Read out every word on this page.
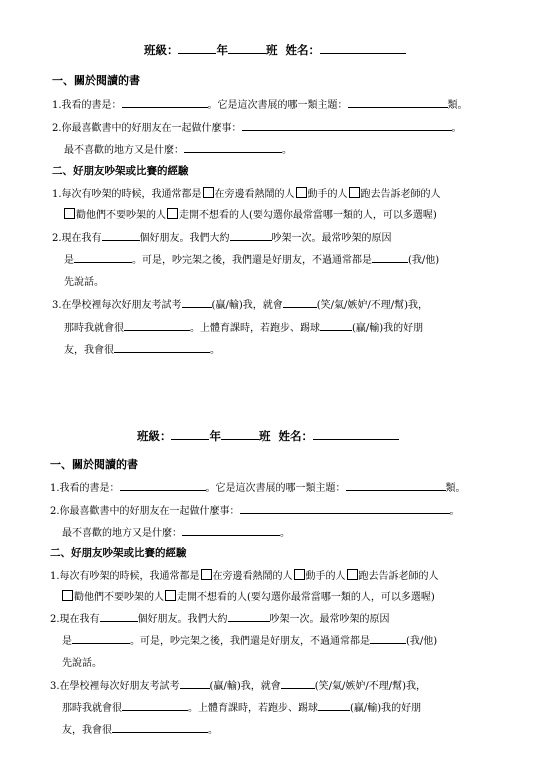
班級：	年	班 姓名：
一、關於閱讀的書
1.我看的書是：	。它是這次書展的哪一類主題：	類。
2.你最喜歡書中的好朋友在一起做什麼事：	。
最不喜歡的地方又是什麼：	。
二、好朋友吵架或比賽的經驗
1.每次有吵架的時候，我通常都是 在旁邊看熱鬧的人 動手的人 跑去告訴老師的人
勸他們不要吵架的人 走開不想看的人(要勾選你最常當哪一類的人，可以多選喔)
2.現在我有	個好朋友。我們大約	吵架一次。最常吵架的原因
是	。可是，吵完架之後，我們還是好朋友，不過通常都是	(我/他)
先說話。
3.在學校裡每次好朋友考試考	(贏/輸)我，就會	(笑/氣/嫉妒/不理/幫)我，
那時我就會很	。上體育課時，若跑步、踢球	(贏/輸)我的好朋
友，我會很	。
班級：	年	班 姓名：
一、關於閱讀的書
1.我看的書是：	。它是這次書展的哪一類主題：	類。
2.你最喜歡書中的好朋友在一起做什麼事：	。
最不喜歡的地方又是什麼：	。
二、好朋友吵架或比賽的經驗
1.每次有吵架的時候，我通常都是 在旁邊看熱鬧的人 動手的人 跑去告訴老師的人
勸他們不要吵架的人 走開不想看的人(要勾選你最常當哪一類的人，可以多選喔)
2.現在我有	個好朋友。我們大約	吵架一次。最常吵架的原因
是	。可是，吵完架之後，我們還是好朋友，不過通常都是	(我/他)
先說話。
3.在學校裡每次好朋友考試考	(贏/輸)我，就會	(笑/氣/嫉妒/不理/幫)我，
那時我就會很	。上體育課時，若跑步、踢球	(贏/輸)我的好朋
友，我會很	。
